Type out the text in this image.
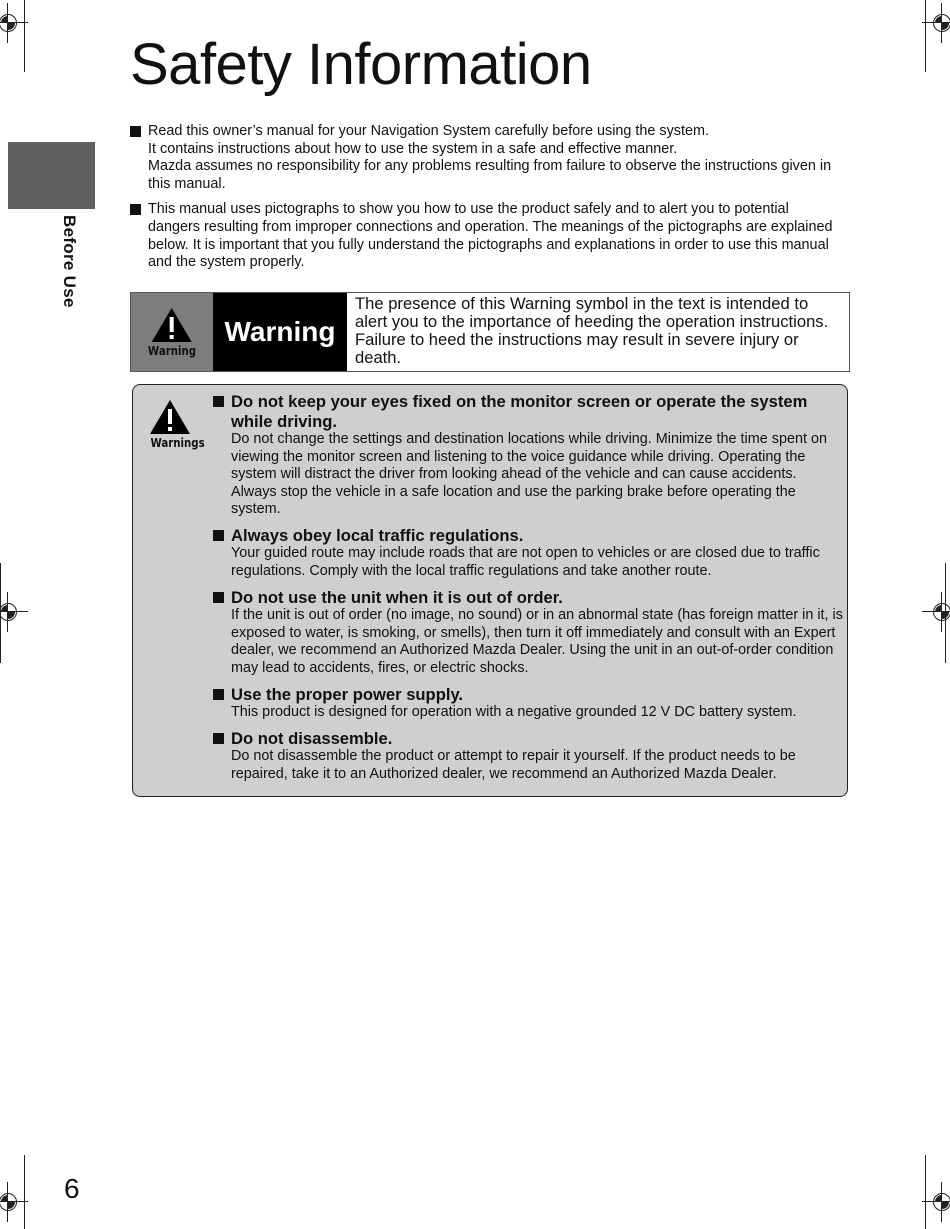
Before Use
Safety Information

Read this owner’s manual for your Navigation System carefully before using the system.

It contains instructions about how to use the system in a safe and effective manner.

Mazda assumes no responsibility for any problems resulting from failure to observe the instructions given in this manual.

This manual uses pictographs to show you how to use the product safely and to alert you to potential dangers resulting from improper connections and operation. The meanings of the pictographs are explained below. It is important that you fully understand the pictographs and explanations in order to use this manual and the system properly.

Warning
Warning
The presence of this Warning symbol in the text is intended to alert you to the importance of heeding the operation instructions. Failure to heed the instructions may result in severe injury or death.
Warnings

Do not keep your eyes fixed on the monitor screen or operate the system while driving.

Do not change the settings and destination locations while driving. Minimize the time spent on viewing the monitor screen and listening to the voice guidance while driving. Operating the system will distract the driver from looking ahead of the vehicle and can cause accidents. Always stop the vehicle in a safe location and use the parking brake before operating the system.

Always obey local traffic regulations.

Your guided route may include roads that are not open to vehicles or are closed due to traffic regulations. Comply with the local traffic regulations and take another route.

Do not use the unit when it is out of order.

If the unit is out of order (no image, no sound) or in an abnormal state (has foreign matter in it, is exposed to water, is smoking, or smells), then turn it off immediately and consult with an Expert dealer, we recommend an Authorized Mazda Dealer. Using the unit in an out-of-order condition may lead to accidents, fires, or electric shocks.

Use the proper power supply.

This product is designed for operation with a negative grounded 12 V DC battery system.

Do not disassemble.

Do not disassemble the product or attempt to repair it yourself. If the product needs to be repaired, take it to an Authorized dealer, we recommend an Authorized Mazda Dealer.

6
